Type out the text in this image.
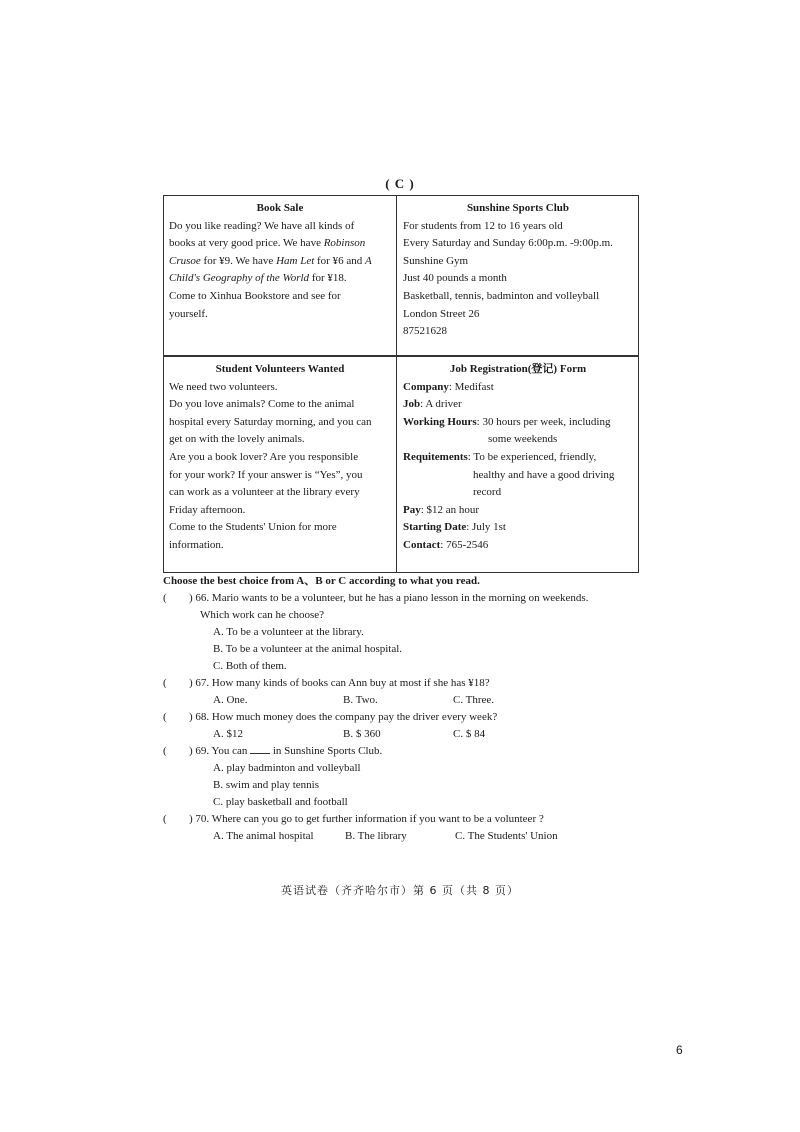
( C )
Book Sale

Do you like reading? We have all kinds of

books at very good price. We have Robinson

Crusoe for ¥9. We have Ham Let for ¥6 and A

Child's Geography of the World for ¥18.

Come to Xinhua Bookstore and see for

yourself.

Sunshine Sports Club

For students from 12 to 16 years old

Every Saturday and Sunday 6:00p.m. -9:00p.m.

Sunshine Gym

Just 40 pounds a month

Basketball, tennis, badminton and volleyball

London Street 26

87521628

Student Volunteers Wanted

We need two volunteers.

Do you love animals? Come to the animal

hospital every Saturday morning, and you can

get on with the lovely animals.

Are you a book lover? Are you responsible

for your work? If your answer is “Yes”, you

can work as a volunteer at the library every

Friday afternoon.

Come to the Students' Union for more

information.

Job Registration(登记) Form

Company: Medifast

Job: A driver

Working Hours: 30 hours per week, including

some weekends

Requitements: To be experienced, friendly,

healthy and have a good driving

record

Pay: $12 an hour

Starting Date: July 1st

Contact: 765-2546

Choose the best choice from A、B or C according to what you read.

( ) 66. Mario wants to be a volunteer, but he has a piano lesson in the morning on weekends.

Which work can he choose?

A. To be a volunteer at the library.

B. To be a volunteer at the animal hospital.

C. Both of them.

( ) 67. How many kinds of books can Ann buy at most if she has ¥18?

A. One.	B. Two.	C. Three.

( ) 68. How much money does the company pay the driver every week?

A. $12	B. $ 360	C. $ 84

( ) 69. You can  in Sunshine Sports Club.

A. play badminton and volleyball

B. swim and play tennis

C. play basketball and football

( ) 70. Where can you go to get further information if you want to be a volunteer ?

A. The animal hospital	B. The library	C. The Students' Union

英语试卷（齐齐哈尔市）第 6 页（共 8 页）
6
